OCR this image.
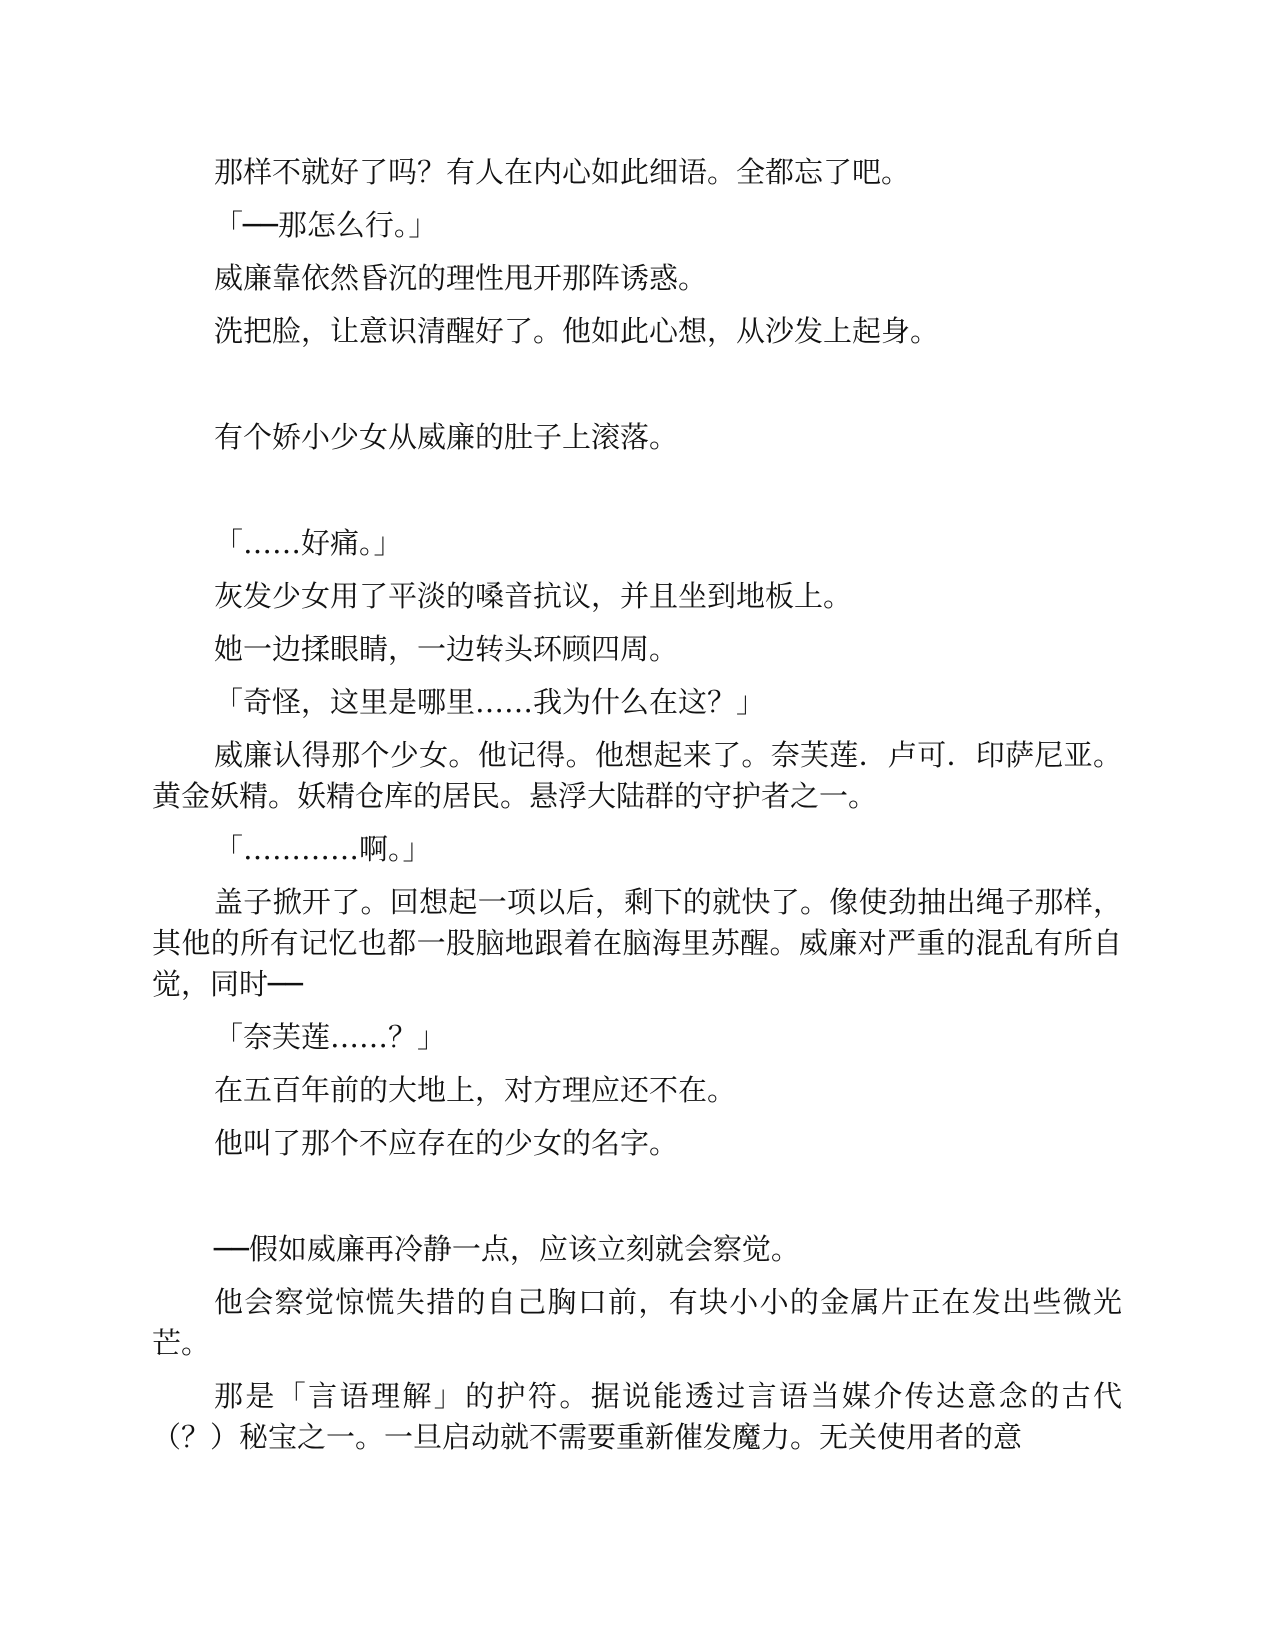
那样不就好了吗？有人在内心如此细语。全都忘了吧。

「──那怎么行。」

威廉靠依然昏沉的理性甩开那阵诱惑。

洗把脸，让意识清醒好了。他如此心想，从沙发上起身。

有个娇小少女从威廉的肚子上滚落。

「……好痛。」

灰发少女用了平淡的嗓音抗议，并且坐到地板上。

她一边揉眼睛，一边转头环顾四周。

「奇怪，这里是哪里……我为什么在这？」

威廉认得那个少女。他记得。他想起来了。奈芙莲．卢可．印萨尼亚。黄金妖精。妖精仓库的居民。悬浮大陆群的守护者之一。

「…………啊。」

盖子掀开了。回想起一项以后，剩下的就快了。像使劲抽出绳子那样，其他的所有记忆也都一股脑地跟着在脑海里苏醒。威廉对严重的混乱有所自觉，同时──

「奈芙莲……？」

在五百年前的大地上，对方理应还不在。

他叫了那个不应存在的少女的名字。

──假如威廉再冷静一点，应该立刻就会察觉。

他会察觉惊慌失措的自己胸口前，有块小小的金属片正在发出些微光芒。

那是「言语理解」的护符。据说能透过言语当媒介传达意念的古代（？）秘宝之一。一旦启动就不需要重新催发魔力。无关使用者的意
